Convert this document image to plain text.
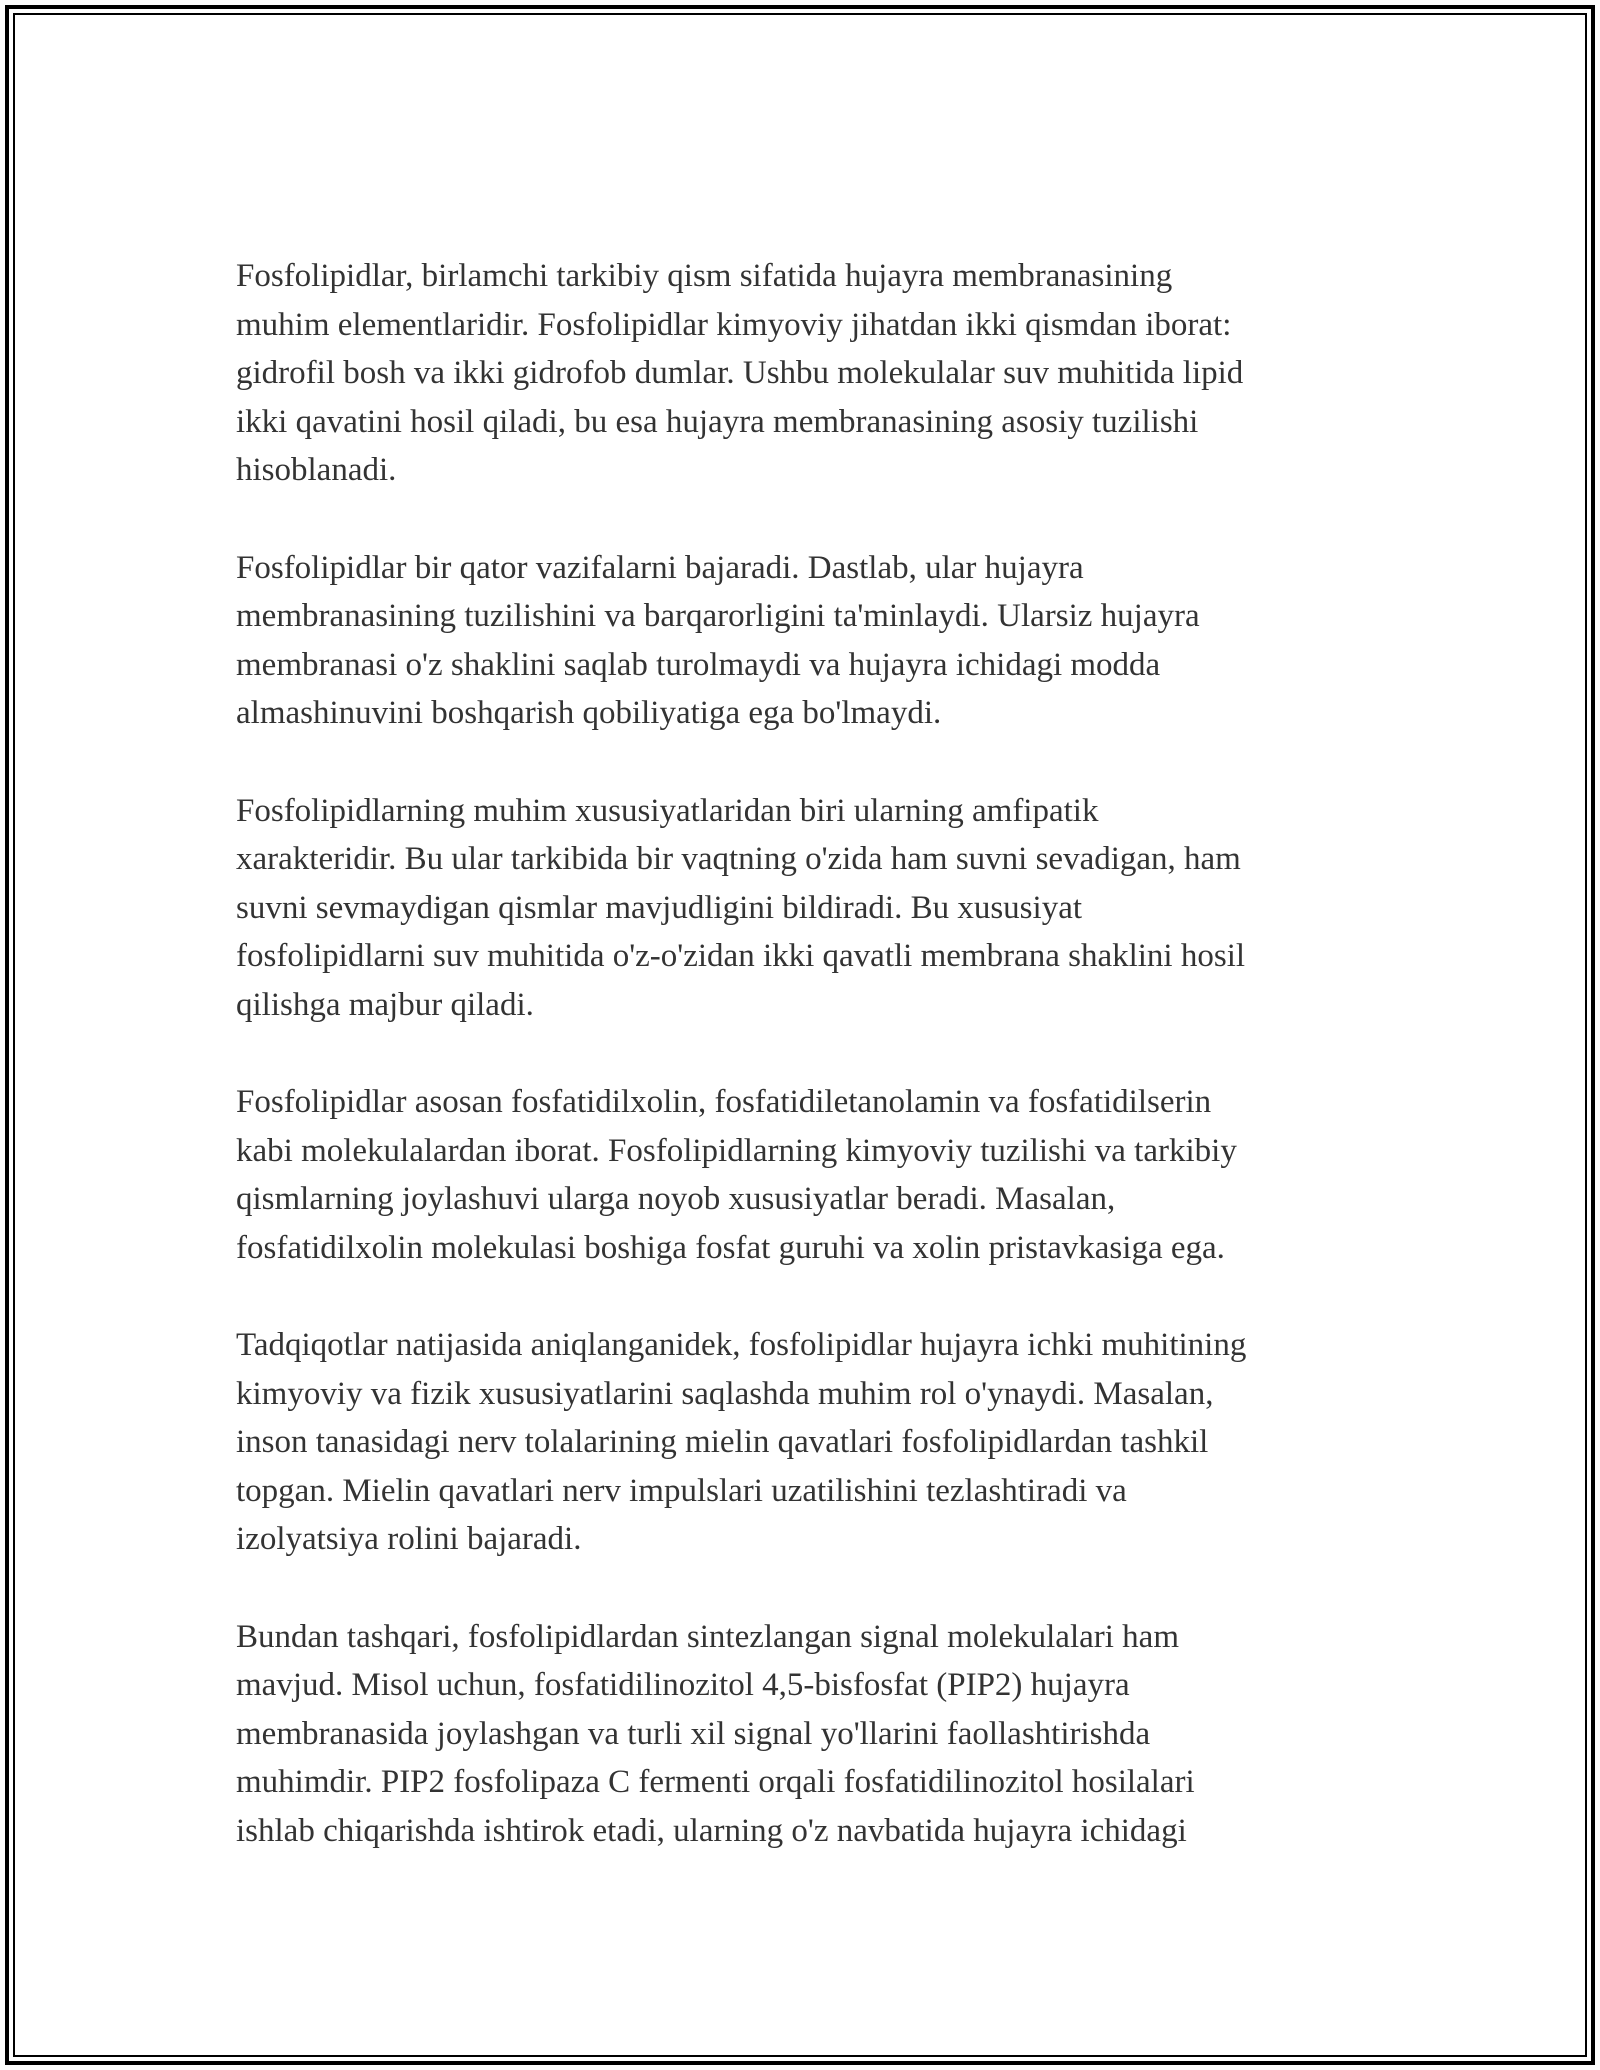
Fosfolipidlar, birlamchi tarkibiy qism sifatida hujayra membranasining
muhim elementlaridir. Fosfolipidlar kimyoviy jihatdan ikki qismdan iborat:
gidrofil bosh va ikki gidrofob dumlar. Ushbu molekulalar suv muhitida lipid
ikki qavatini hosil qiladi, bu esa hujayra membranasining asosiy tuzilishi
hisoblanadi.

Fosfolipidlar bir qator vazifalarni bajaradi. Dastlab, ular hujayra
membranasining tuzilishini va barqarorligini ta'minlaydi. Ularsiz hujayra
membranasi o'z shaklini saqlab turolmaydi va hujayra ichidagi modda
almashinuvini boshqarish qobiliyatiga ega bo'lmaydi.

Fosfolipidlarning muhim xususiyatlaridan biri ularning amfipatik
xarakteridir. Bu ular tarkibida bir vaqtning o'zida ham suvni sevadigan, ham
suvni sevmaydigan qismlar mavjudligini bildiradi. Bu xususiyat
fosfolipidlarni suv muhitida o'z-o'zidan ikki qavatli membrana shaklini hosil
qilishga majbur qiladi.

Fosfolipidlar asosan fosfatidilxolin, fosfatidiletanolamin va fosfatidilserin
kabi molekulalardan iborat. Fosfolipidlarning kimyoviy tuzilishi va tarkibiy
qismlarning joylashuvi ularga noyob xususiyatlar beradi. Masalan,
fosfatidilxolin molekulasi boshiga fosfat guruhi va xolin pristavkasiga ega.

Tadqiqotlar natijasida aniqlanganidek, fosfolipidlar hujayra ichki muhitining
kimyoviy va fizik xususiyatlarini saqlashda muhim rol o'ynaydi. Masalan,
inson tanasidagi nerv tolalarining mielin qavatlari fosfolipidlardan tashkil
topgan. Mielin qavatlari nerv impulslari uzatilishini tezlashtiradi va
izolyatsiya rolini bajaradi.

Bundan tashqari, fosfolipidlardan sintezlangan signal molekulalari ham
mavjud. Misol uchun, fosfatidilinozitol 4,5-bisfosfat (PIP2) hujayra
membranasida joylashgan va turli xil signal yo'llarini faollashtirishda
muhimdir. PIP2 fosfolipaza C fermenti orqali fosfatidilinozitol hosilalari
ishlab chiqarishda ishtirok etadi, ularning o'z navbatida hujayra ichidagi
